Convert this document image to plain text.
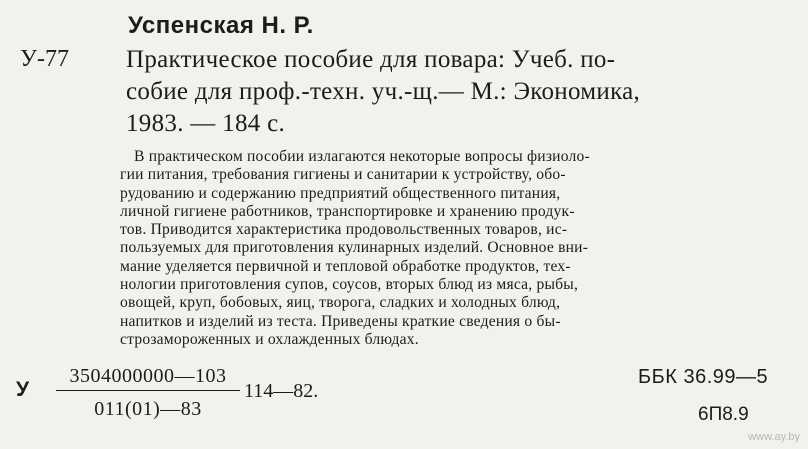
Успенская Н. Р.
У-77 Практическое пособие для повара: Учеб. по-
собие для проф.-техн. уч.-щ.— М.: Экономика,
1983. — 184 с.
В практическом пособии излагаются некоторые вопросы физиоло-
гии питания, требования гигиены и санитарии к устройству, обо-
рудованию и содержанию предприятий общественного питания,
личной гигиене работников, транспортировке и хранению продук-
тов. Приводится характеристика продовольственных товаров, ис-
пользуемых для приготовления кулинарных изделий. Основное вни-
мание уделяется первичной и тепловой обработке продуктов, тех-
нологии приготовления супов, соусов, вторых блюд из мяса, рыбы,
овощей, круп, бобовых, яиц, творога, сладких и холодных блюд,
напитков и изделий из теста. Приведены краткие сведения о бы-
строзамороженных и охлажденных блюдах.
У
3504000000—103
011(01)—83
114—82.
ББК 36.99—5
6П8.9
www.ay.by
